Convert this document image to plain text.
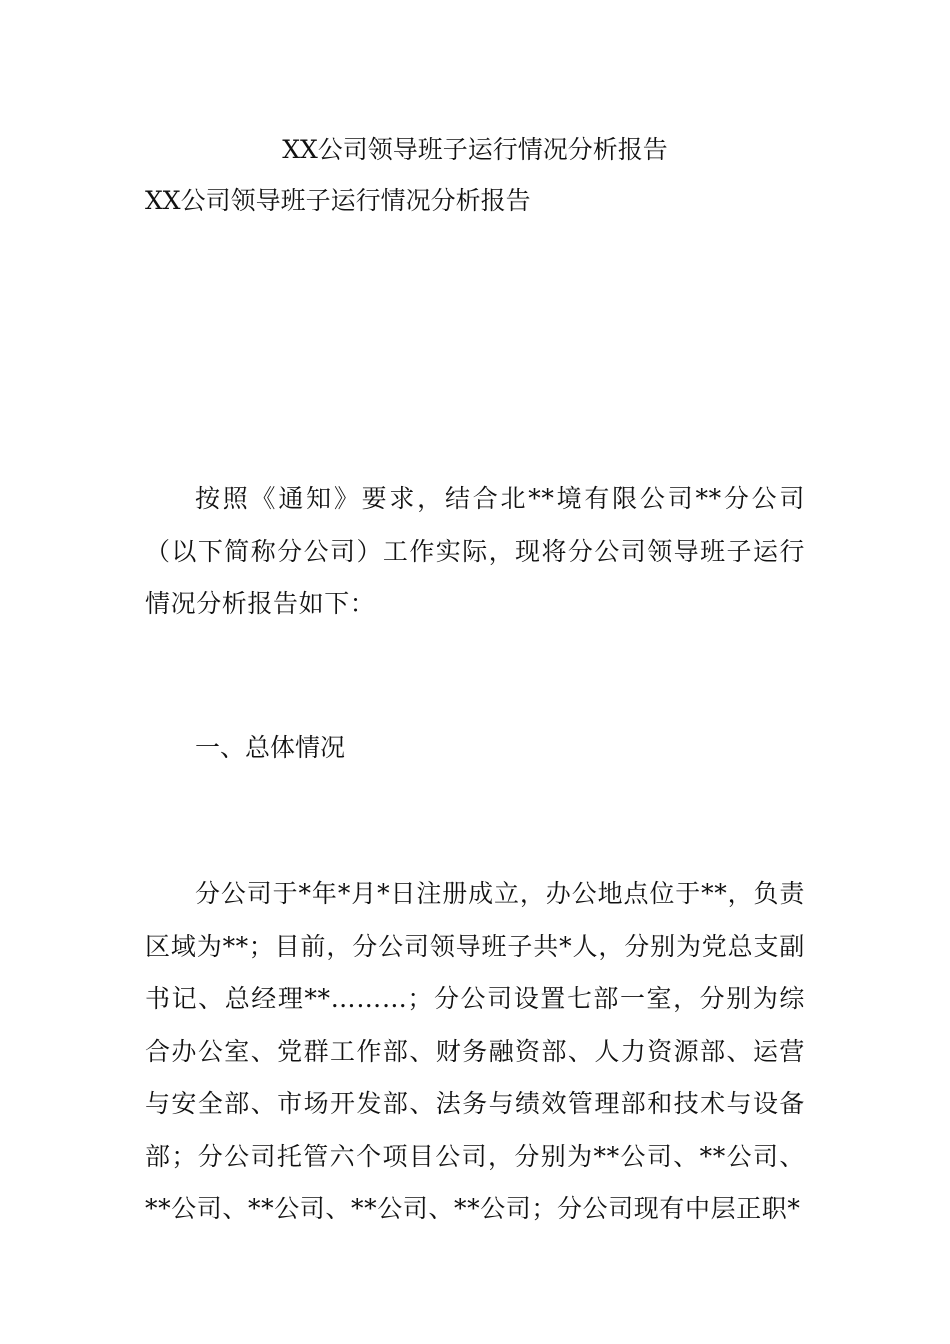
XX公司领导班子运行情况分析报告
XX公司领导班子运行情况分析报告

按照《通知》要求，结合北**境有限公司**分公司（以下简称分公司）工作实际，现将分公司领导班子运行情况分析报告如下：

一、总体情况

分公司于*年*月*日注册成立，办公地点位于**，负责区域为**；目前，分公司领导班子共*人，分别为党总支副书记、总经理**………；分公司设置七部一室，分别为综合办公室、党群工作部、财务融资部、人力资源部、运营与安全部、市场开发部、法务与绩效管理部和技术与设备部；分公司托管六个项目公司，分别为**公司、**公司、**公司、**公司、**公司、**公司；分公司现有中层正职*
